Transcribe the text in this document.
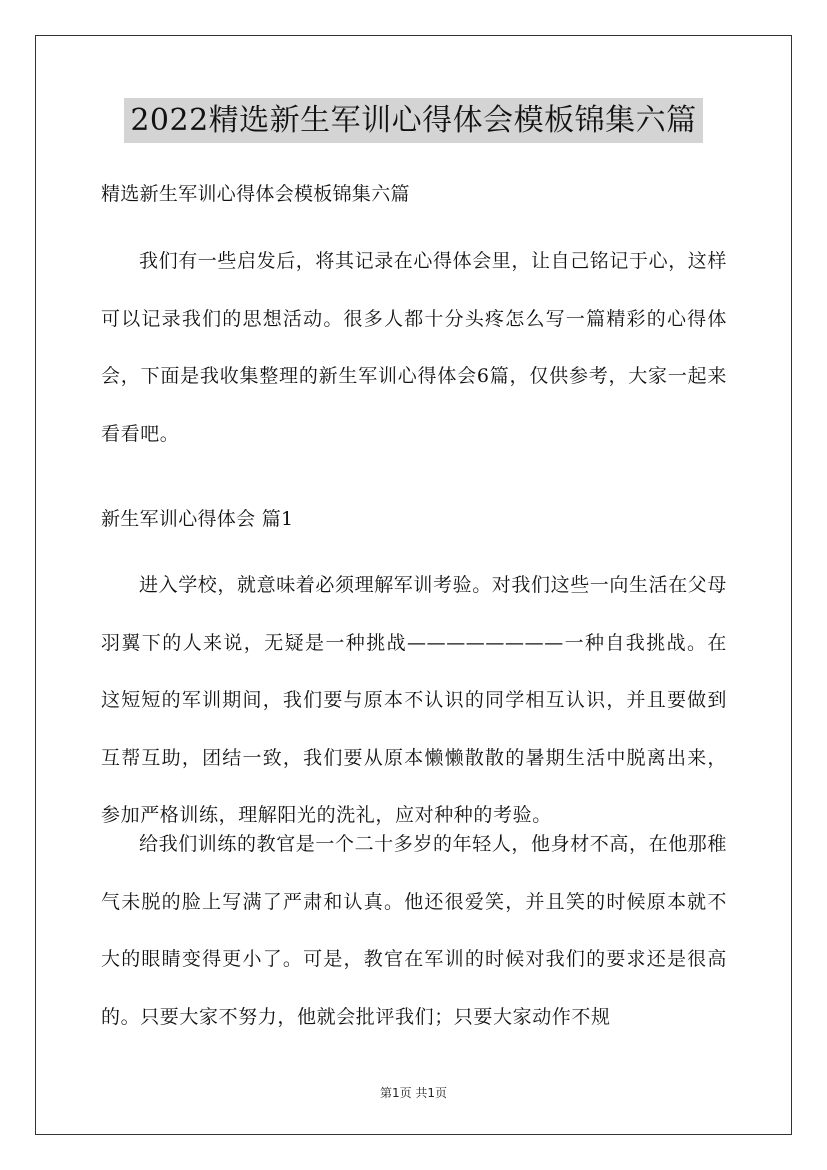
2022精选新生军训心得体会模板锦集六篇
精选新生军训心得体会模板锦集六篇
我们有一些启发后，将其记录在心得体会里，让自己铭记于心，这样可以记录我们的思想活动。很多人都十分头疼怎么写一篇精彩的心得体会，下面是我收集整理的新生军训心得体会6篇，仅供参考，大家一起来看看吧。
新生军训心得体会 篇1
进入学校，就意味着必须理解军训考验。对我们这些一向生活在父母羽翼下的人来说，无疑是一种挑战————————一种自我挑战。在这短短的军训期间，我们要与原本不认识的同学相互认识，并且要做到互帮互助，团结一致，我们要从原本懒懒散散的暑期生活中脱离出来，参加严格训练，理解阳光的洗礼，应对种种的考验。
给我们训练的教官是一个二十多岁的年轻人，他身材不高，在他那稚气未脱的脸上写满了严肃和认真。他还很爱笑，并且笑的时候原本就不大的眼睛变得更小了。可是，教官在军训的时候对我们的要求还是很高的。只要大家不努力，他就会批评我们；只要大家动作不规
第1页 共1页
